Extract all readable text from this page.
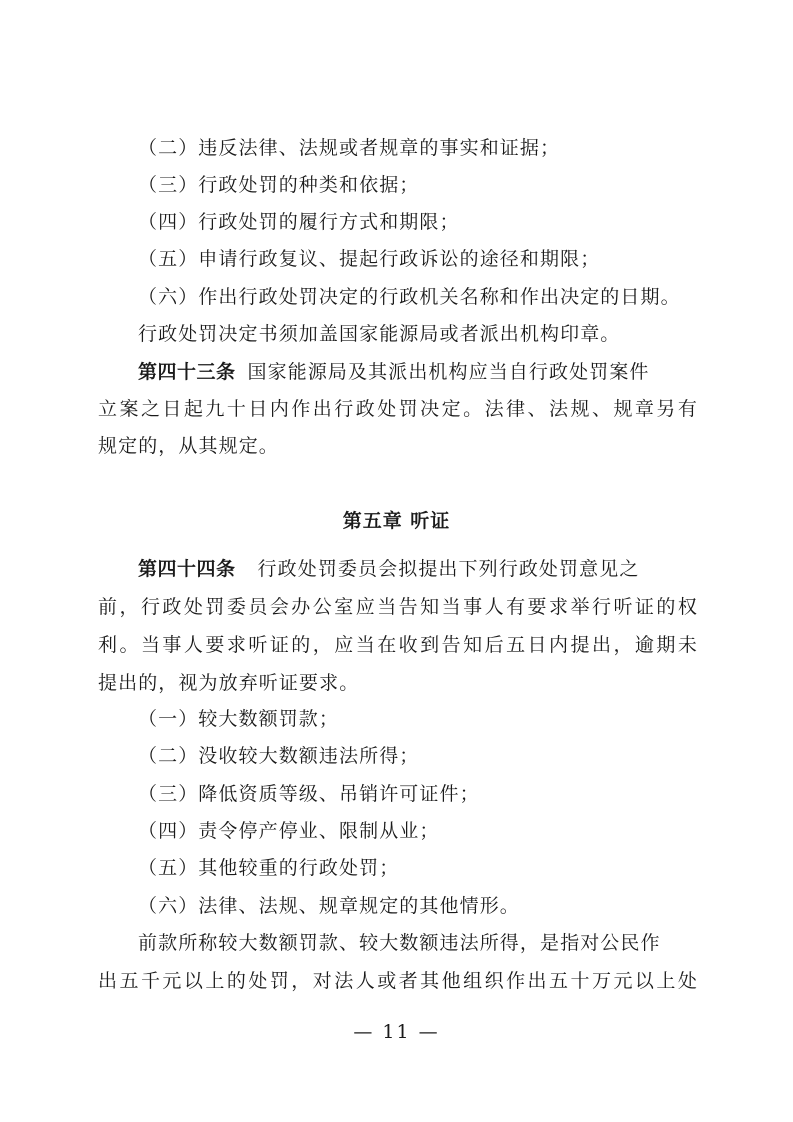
（二）违反法律、法规或者规章的事实和证据；
（三）行政处罚的种类和依据；
（四）行政处罚的履行方式和期限；
（五）申请行政复议、提起行政诉讼的途径和期限；
（六）作出行政处罚决定的行政机关名称和作出决定的日期。
行政处罚决定书须加盖国家能源局或者派出机构印章。
第四十三条 国家能源局及其派出机构应当自行政处罚案件
立案之日起九十日内作出行政处罚决定。法律、法规、规章另有
规定的，从其规定。
第五章 听证
第四十四条 行政处罚委员会拟提出下列行政处罚意见之
前，行政处罚委员会办公室应当告知当事人有要求举行听证的权
利。当事人要求听证的，应当在收到告知后五日内提出，逾期未
提出的，视为放弃听证要求。
（一）较大数额罚款；
（二）没收较大数额违法所得；
（三）降低资质等级、吊销许可证件；
（四）责令停产停业、限制从业；
（五）其他较重的行政处罚；
（六）法律、法规、规章规定的其他情形。
前款所称较大数额罚款、较大数额违法所得，是指对公民作
出五千元以上的处罚，对法人或者其他组织作出五十万元以上处
— 11 —
